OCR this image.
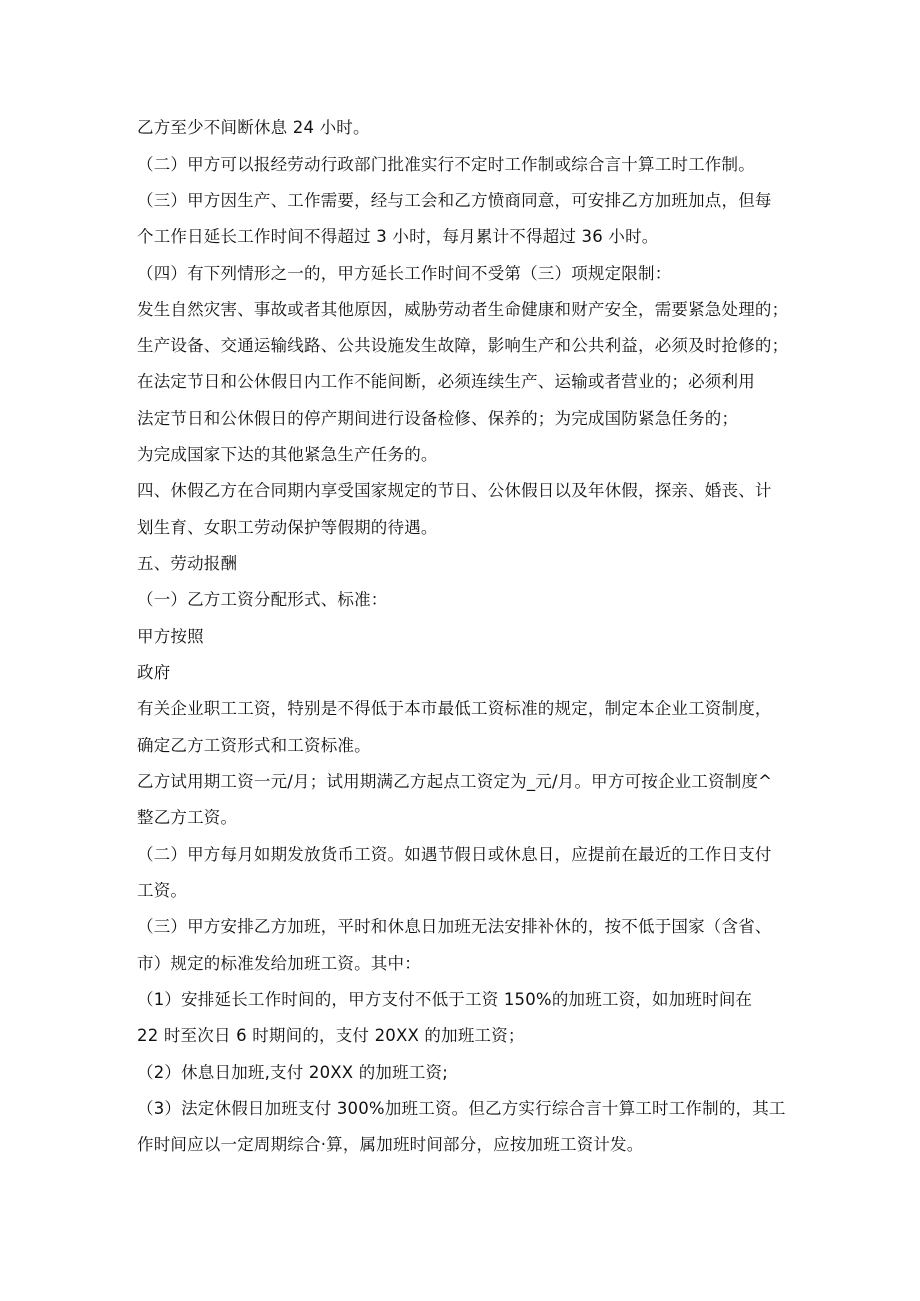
乙方至少不间断休息 24 小时。
（二）甲方可以报经劳动行政部门批准实行不定时工作制或综合言十算工时工作制。
（三）甲方因生产、工作需要，经与工会和乙方愤商同意，可安排乙方加班加点，但每
个工作日延长工作时间不得超过 3 小时，每月累计不得超过 36 小时。
（四）有下列情形之一的，甲方延长工作时间不受第（三）项规定限制：
发生自然灾害、事故或者其他原因，威胁劳动者生命健康和财产安全，需要紧急处理的；
生产设备、交通运输线路、公共设施发生故障，影响生产和公共利益，必须及时抢修的；
在法定节日和公休假日内工作不能间断，必须连续生产、运输或者营业的；必须利用
法定节日和公休假日的停产期间进行设备检修、保养的；为完成国防紧急任务的；
为完成国家下达的其他紧急生产任务的。
四、休假乙方在合同期内享受国家规定的节日、公休假日以及年休假，探亲、婚丧、计
划生育、女职工劳动保护等假期的待遇。
五、劳动报酬
（一）乙方工资分配形式、标准：
甲方按照
政府
有关企业职工工资，特别是不得低于本市最低工资标准的规定，制定本企业工资制度，
确定乙方工资形式和工资标准。
乙方试用期工资一元/月；试用期满乙方起点工资定为_元/月。甲方可按企业工资制度^
整乙方工资。
（二）甲方每月如期发放货币工资。如遇节假日或休息日，应提前在最近的工作日支付
工资。
（三）甲方安排乙方加班，平时和休息日加班无法安排补休的，按不低于国家（含省、
市）规定的标准发给加班工资。其中：
（1）安排延长工作时间的，甲方支付不低于工资 150%的加班工资，如加班时间在
22 时至次日 6 时期间的，支付 20XX 的加班工资；
（2）休息日加班,支付 20XX 的加班工资;
（3）法定休假日加班支付 300%加班工资。但乙方实行综合言十算工时工作制的，其工
作时间应以一定周期综合·算，属加班时间部分，应按加班工资计发。
